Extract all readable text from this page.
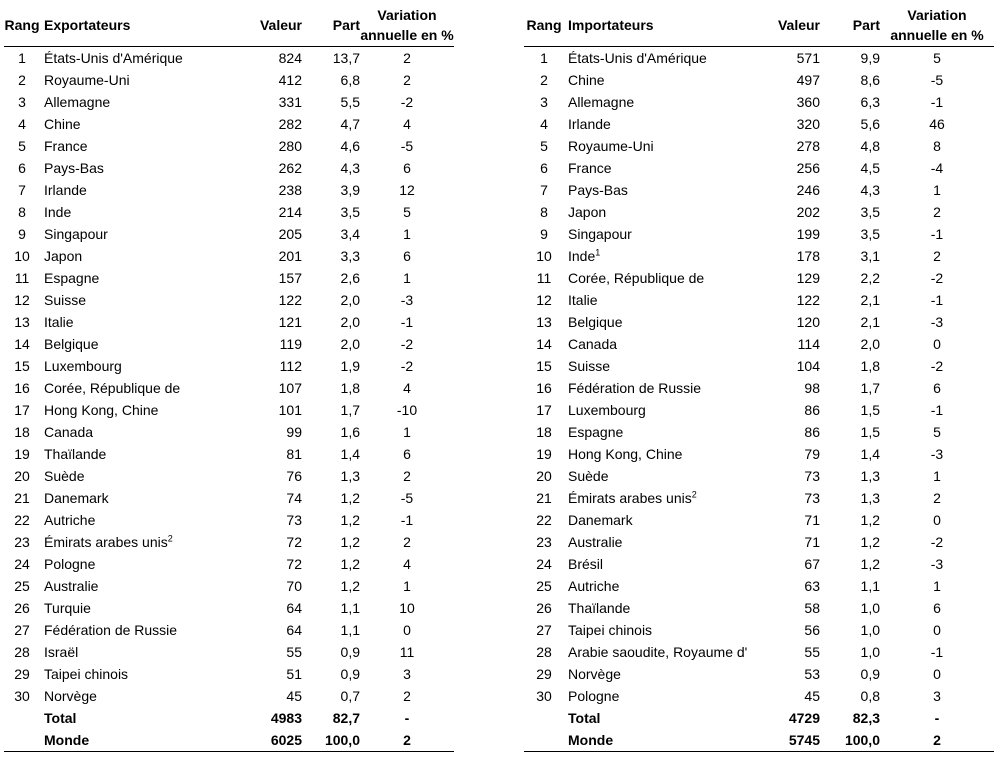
Rang	Exportateurs	Valeur	Part	Variation
annuelle en %
1	États-Unis d'Amérique	824	13,7	2
2	Royaume-Uni	412	6,8	2
3	Allemagne	331	5,5	-2
4	Chine	282	4,7	4
5	France	280	4,6	-5
6	Pays-Bas	262	4,3	6
7	Irlande	238	3,9	12
8	Inde	214	3,5	5
9	Singapour	205	3,4	1
10	Japon	201	3,3	6
11	Espagne	157	2,6	1
12	Suisse	122	2,0	-3
13	Italie	121	2,0	-1
14	Belgique	119	2,0	-2
15	Luxembourg	112	1,9	-2
16	Corée, République de	107	1,8	4
17	Hong Kong, Chine	101	1,7	-10
18	Canada	99	1,6	1
19	Thaïlande	81	1,4	6
20	Suède	76	1,3	2
21	Danemark	74	1,2	-5
22	Autriche	73	1,2	-1
23	Émirats arabes unis$^2$	72	1,2	2
24	Pologne	72	1,2	4
25	Australie	70	1,2	1
26	Turquie	64	1,1	10
27	Fédération de Russie	64	1,1	0
28	Israël	55	0,9	11
29	Taipei chinois	51	0,9	3
30	Norvège	45	0,7	2
	Total	4983	82,7	-
	Monde	6025	100,0	2
Rang	Importateurs	Valeur	Part	Variation
annuelle en %
1	États-Unis d'Amérique	571	9,9	5
2	Chine	497	8,6	-5
3	Allemagne	360	6,3	-1
4	Irlande	320	5,6	46
5	Royaume-Uni	278	4,8	8
6	France	256	4,5	-4
7	Pays-Bas	246	4,3	1
8	Japon	202	3,5	2
9	Singapour	199	3,5	-1
10	Inde$^1$	178	3,1	2
11	Corée, République de	129	2,2	-2
12	Italie	122	2,1	-1
13	Belgique	120	2,1	-3
14	Canada	114	2,0	0
15	Suisse	104	1,8	-2
16	Fédération de Russie	98	1,7	6
17	Luxembourg	86	1,5	-1
18	Espagne	86	1,5	5
19	Hong Kong, Chine	79	1,4	-3
20	Suède	73	1,3	1
21	Émirats arabes unis$^2$	73	1,3	2
22	Danemark	71	1,2	0
23	Australie	71	1,2	-2
24	Brésil	67	1,2	-3
25	Autriche	63	1,1	1
26	Thaïlande	58	1,0	6
27	Taipei chinois	56	1,0	0
28	Arabie saoudite, Royaume d'	55	1,0	-1
29	Norvège	53	0,9	0
30	Pologne	45	0,8	3
	Total	4729	82,3	-
	Monde	5745	100,0	2
